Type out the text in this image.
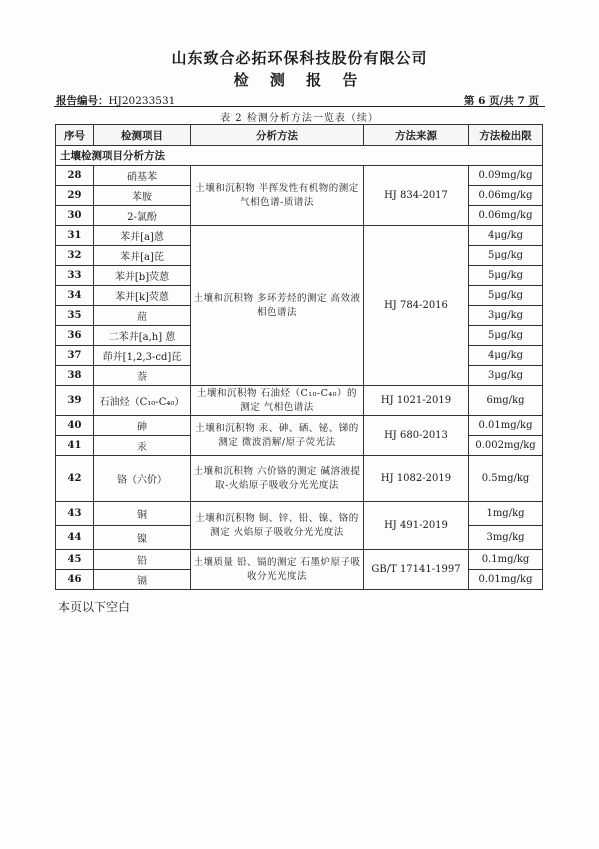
山东致合必拓环保科技股份有限公司
检 测 报 告
报告编号：HJ20233531	第 6 页/共 7 页
表 2 检测分析方法一览表（续）
序号	检测项目	分析方法	方法来源	方法检出限
土壤检测项目分析方法				
28	硝基苯	土壤和沉积物 半挥发性有机物的测定 气相色谱-质谱法	HJ 834-2017	0.09mg/kg
29	苯胺			0.06mg/kg
30	2-氯酚			0.06mg/kg
31	苯并[a]蒽	土壤和沉积物 多环芳烃的测定 高效液相色谱法	HJ 784-2016	4μg/kg
32	苯并[a]芘			5μg/kg
33	苯并[b]荧蒽			5μg/kg
34	苯并[k]荧蒽			5μg/kg
35	䓛			3μg/kg
36	二苯并[a,h] 蒽			5μg/kg
37	茚并[1,2,3-cd]芘			4μg/kg
38	萘			3μg/kg
39	石油烃（C₁₀-C₄₀）	土壤和沉积物 石油烃（C₁₀-C₄₀）的测定 气相色谱法	HJ 1021-2019	6mg/kg
40	砷	土壤和沉积物 汞、砷、硒、铋、锑的测定 微波消解/原子荧光法	HJ 680-2013	0.01mg/kg
41	汞			0.002mg/kg
42	铬（六价）	土壤和沉积物 六价铬的测定 碱溶液提取-火焰原子吸收分光光度法	HJ 1082-2019	0.5mg/kg
43	铜	土壤和沉积物 铜、锌、铅、镍、铬的测定 火焰原子吸收分光光度法	HJ 491-2019	1mg/kg
44	镍			3mg/kg
45	铅	土壤质量 铅、镉的测定 石墨炉原子吸收分光光度法	GB/T 17141-1997	0.1mg/kg
46	镉			0.01mg/kg
本页以下空白
